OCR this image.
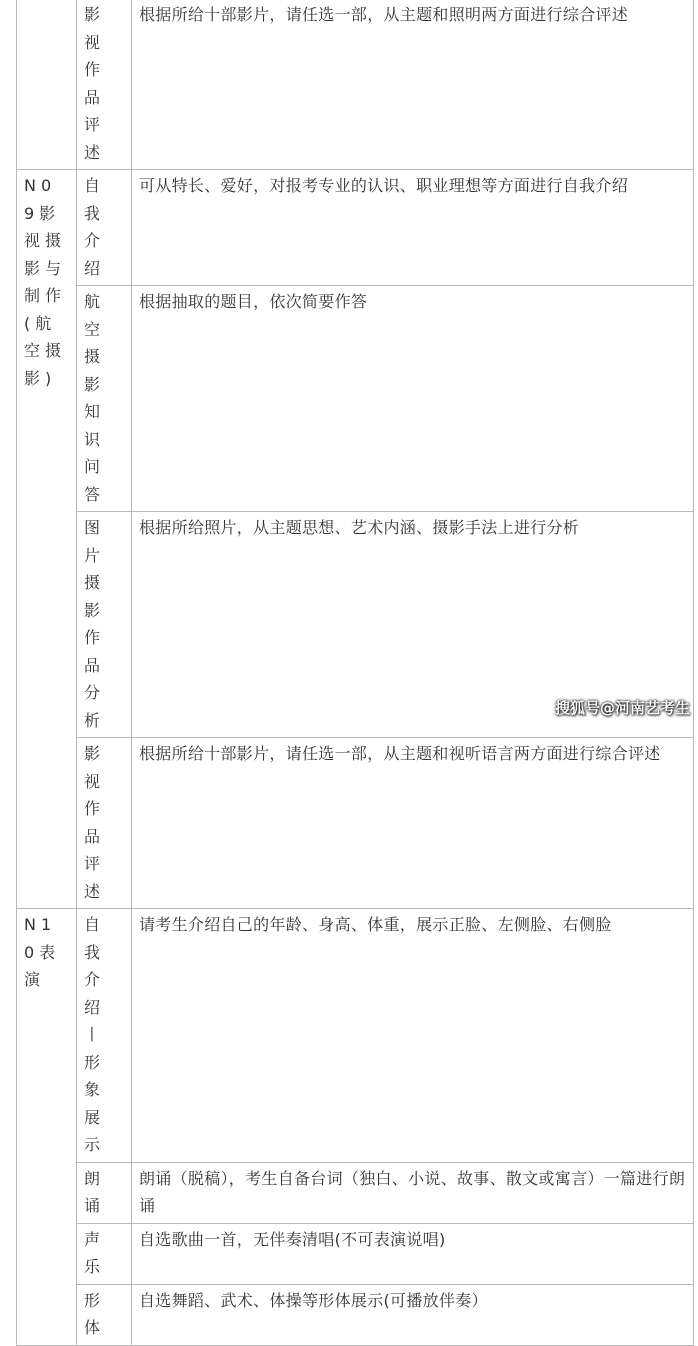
	影视作品评述	根据所给十部影片，请任选一部，从主题和照明两方面进行综合评述
N09影视摄影与制作(航空摄影)	自我介绍	可从特长、爱好，对报考专业的认识、职业理想等方面进行自我介绍
	航空摄影知识问答	根据抽取的题目，依次简要作答
	图片摄影作品分析	根据所给照片，从主题思想、艺术内涵、摄影手法上进行分析
	影视作品评述	根据所给十部影片，请任选一部，从主题和视听语言两方面进行综合评述
N10表演	自我介绍丨形象展示	请考生介绍自己的年龄、身高、体重，展示正脸、左侧脸、右侧脸
	朗诵	朗诵（脱稿），考生自备台词（独白、小说、故事、散文或寓言）一篇进行朗诵
	声乐	自选歌曲一首，无伴奏清唱(不可表演说唱)
	形体	自选舞蹈、武术、体操等形体展示(可播放伴奏）
搜狐号@河南艺考生
